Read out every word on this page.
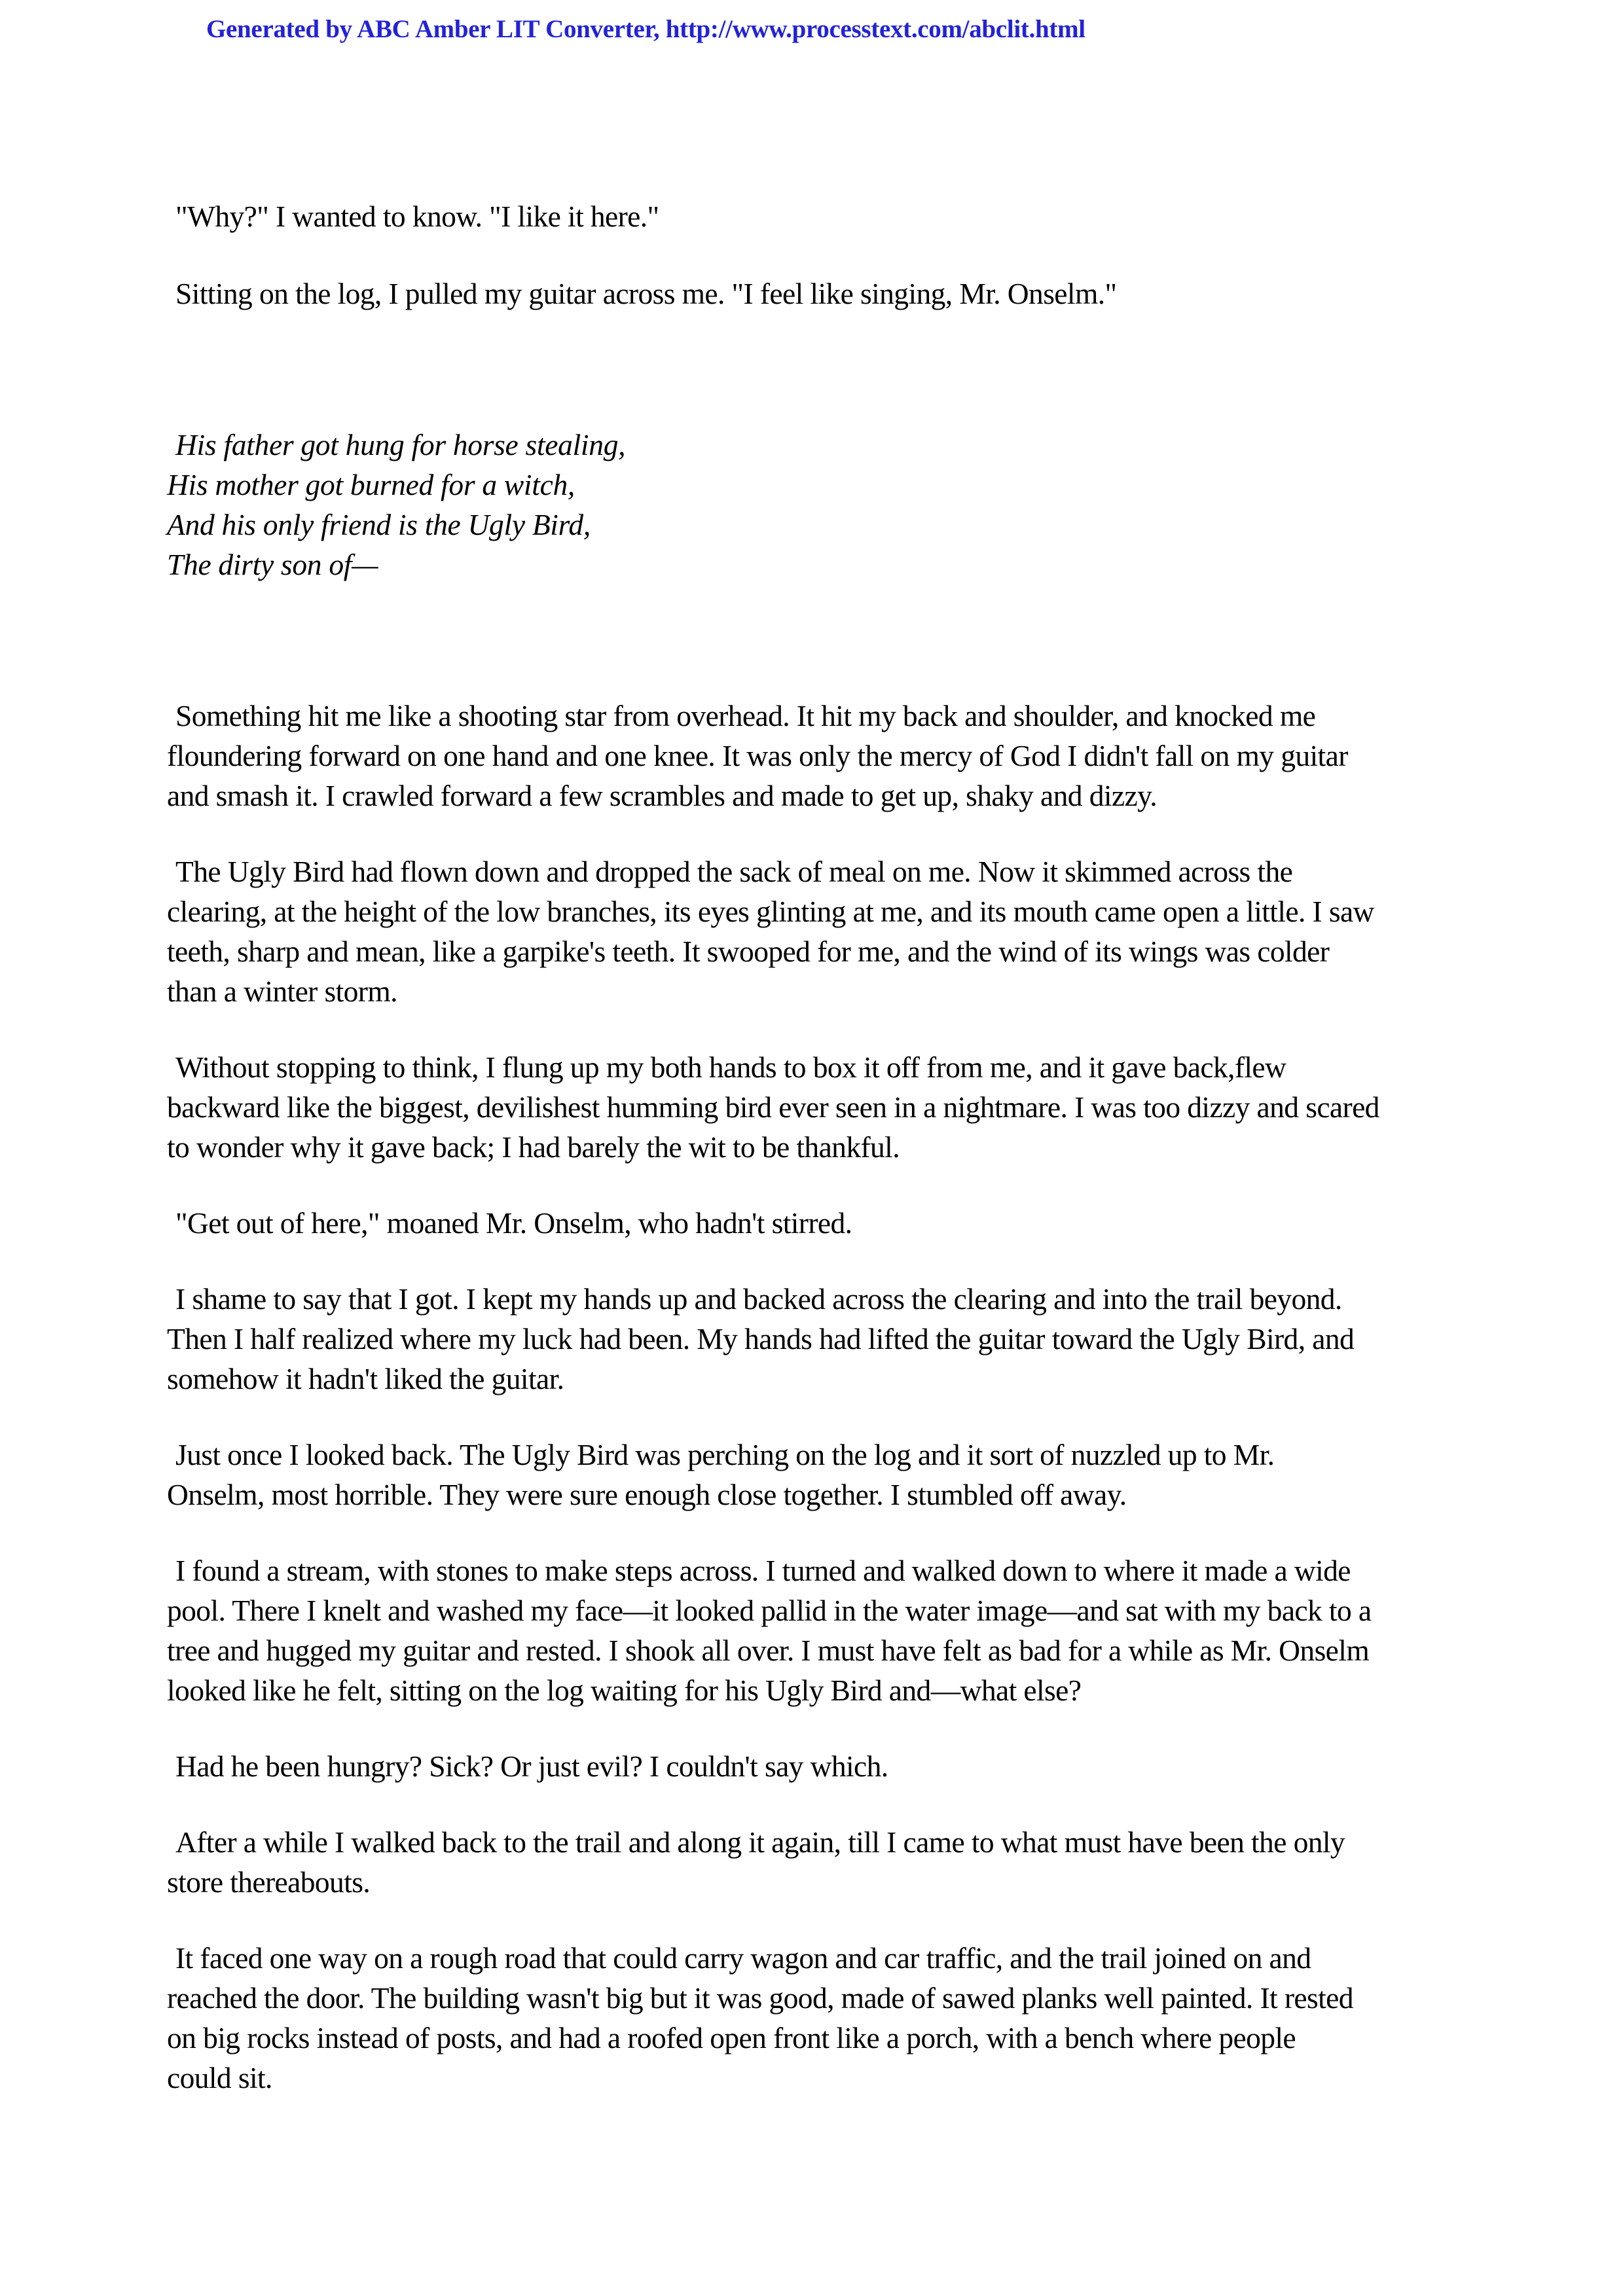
Generated by ABC Amber LIT Converter, http://www.processtext.com/abclit.html
"Why?" I wanted to know. "I like it here."
Sitting on the log, I pulled my guitar across me. "I feel like singing, Mr. Onselm."
His father got hung for horse stealing,
His mother got burned for a witch,
And his only friend is the Ugly Bird,
The dirty son of—
Something hit me like a shooting star from overhead. It hit my back and shoulder, and knocked me
floundering forward on one hand and one knee. It was only the mercy of God I didn't fall on my guitar
and smash it. I crawled forward a few scrambles and made to get up, shaky and dizzy.
The Ugly Bird had flown down and dropped the sack of meal on me. Now it skimmed across the
clearing, at the height of the low branches, its eyes glinting at me, and its mouth came open a little. I saw
teeth, sharp and mean, like a garpike's teeth. It swooped for me, and the wind of its wings was colder
than a winter storm.
Without stopping to think, I flung up my both hands to box it off from me, and it gave back,flew
backward like the biggest, devilishest humming bird ever seen in a nightmare. I was too dizzy and scared
to wonder why it gave back; I had barely the wit to be thankful.
"Get out of here," moaned Mr. Onselm, who hadn't stirred.
I shame to say that I got. I kept my hands up and backed across the clearing and into the trail beyond.
Then I half realized where my luck had been. My hands had lifted the guitar toward the Ugly Bird, and
somehow it hadn't liked the guitar.
Just once I looked back. The Ugly Bird was perching on the log and it sort of nuzzled up to Mr.
Onselm, most horrible. They were sure enough close together. I stumbled off away.
I found a stream, with stones to make steps across. I turned and walked down to where it made a wide
pool. There I knelt and washed my face—it looked pallid in the water image—and sat with my back to a
tree and hugged my guitar and rested. I shook all over. I must have felt as bad for a while as Mr. Onselm
looked like he felt, sitting on the log waiting for his Ugly Bird and—what else?
Had he been hungry? Sick? Or just evil? I couldn't say which.
After a while I walked back to the trail and along it again, till I came to what must have been the only
store thereabouts.
It faced one way on a rough road that could carry wagon and car traffic, and the trail joined on and
reached the door. The building wasn't big but it was good, made of sawed planks well painted. It rested
on big rocks instead of posts, and had a roofed open front like a porch, with a bench where people
could sit.
